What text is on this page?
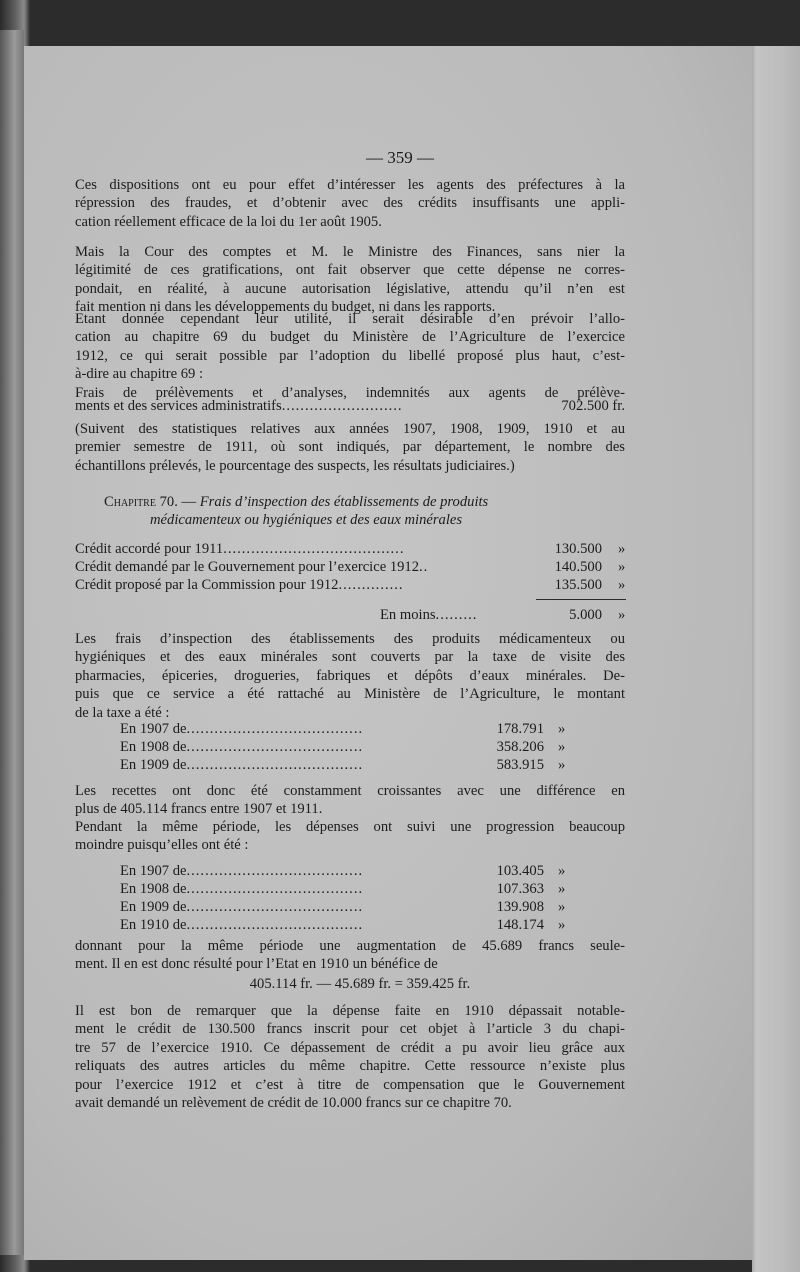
— 359 —
Ces dispositions ont eu pour effet d’intéresser les agents des préfectures à la
répression des fraudes, et d’obtenir avec des crédits insuffisants une appli-
cation réellement efficace de la loi du 1er août 1905.
Mais la Cour des comptes et M. le Ministre des Finances, sans nier la
légitimité de ces gratifications, ont fait observer que cette dépense ne corres-
pondait, en réalité, à aucune autorisation législative, attendu qu’il n’en est
fait mention ni dans les développements du budget, ni dans les rapports.
Etant donnée cependant leur utilité, il serait désirable d’en prévoir l’allo-
cation au chapitre 69 du budget du Ministère de l’Agriculture de l’exercice
1912, ce qui serait possible par l’adoption du libellé proposé plus haut, c’est-
à-dire au chapitre 69 :
Frais de prélèvements et d’analyses, indemnités aux agents de prélève-
ments et des services administratifs..........................	702.500 fr.
(Suivent des statistiques relatives aux années 1907, 1908, 1909, 1910 et au
premier semestre de 1911, où sont indiqués, par département, le nombre des
échantillons prélevés, le pourcentage des suspects, les résultats judiciaires.)
Chapitre 70. — Frais d’inspection des établissements de produits
médicamenteux ou hygiéniques et des eaux minérales
Crédit accordé pour 1911.......................................	130.500 »
Crédit demandé par le Gouvernement pour l’exercice 1912..	140.500 »
Crédit proposé par la Commission pour 1912..............	135.500 »
En moins.........	5.000 »
Les frais d’inspection des établissements des produits médicamenteux ou
hygiéniques et des eaux minérales sont couverts par la taxe de visite des
pharmacies, épiceries, drogueries, fabriques et dépôts d’eaux minérales. De-
puis que ce service a été rattaché au Ministère de l’Agriculture, le montant
de la taxe a été :
En 1907 de......................................	178.791 »
En 1908 de......................................	358.206 »
En 1909 de......................................	583.915 »
Les recettes ont donc été constamment croissantes avec une différence en
plus de 405.114 francs entre 1907 et 1911.
Pendant la même période, les dépenses ont suivi une progression beaucoup
moindre puisqu’elles ont été :
En 1907 de......................................	103.405 »
En 1908 de......................................	107.363 »
En 1909 de......................................	139.908 »
En 1910 de......................................	148.174 »
donnant pour la même période une augmentation de 45.689 francs seule-
ment. Il en est donc résulté pour l’Etat en 1910 un bénéfice de
405.114 fr. — 45.689 fr. = 359.425 fr.
Il est bon de remarquer que la dépense faite en 1910 dépassait notable-
ment le crédit de 130.500 francs inscrit pour cet objet à l’article 3 du chapi-
tre 57 de l’exercice 1910. Ce dépassement de crédit a pu avoir lieu grâce aux
reliquats des autres articles du même chapitre. Cette ressource n’existe plus
pour l’exercice 1912 et c’est à titre de compensation que le Gouvernement
avait demandé un relèvement de crédit de 10.000 francs sur ce chapitre 70.
